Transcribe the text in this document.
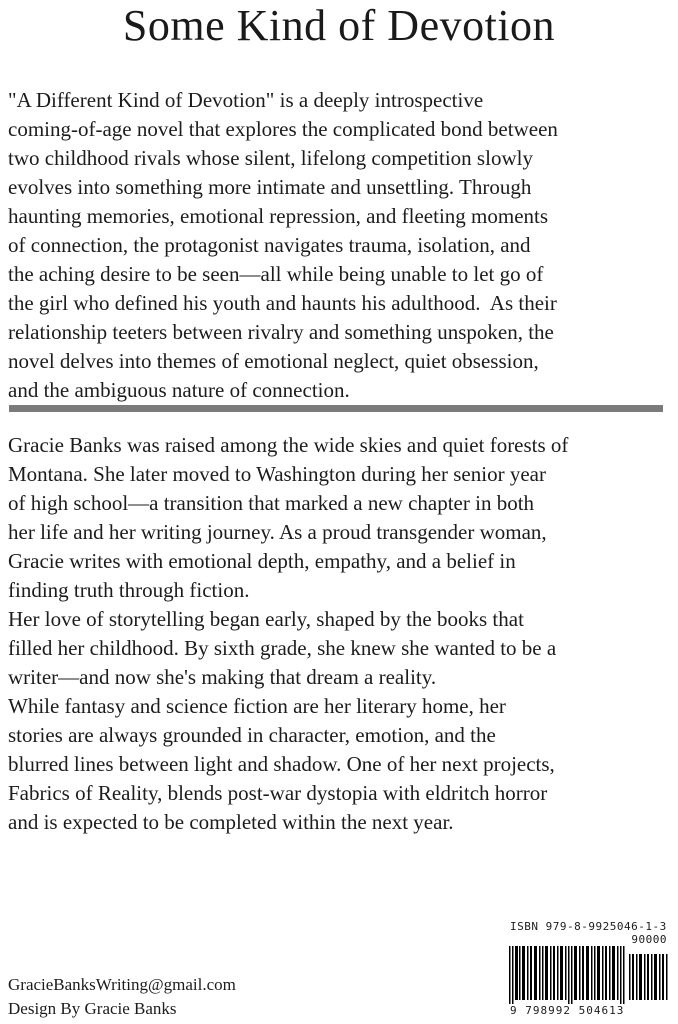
Some Kind of Devotion

"A Different Kind of Devotion" is a deeply introspective
coming-of-age novel that explores the complicated bond between
two childhood rivals whose silent, lifelong competition slowly
evolves into something more intimate and unsettling. Through
haunting memories, emotional repression, and fleeting moments
of connection, the protagonist navigates trauma, isolation, and
the aching desire to be seen—all while being unable to let go of
the girl who defined his youth and haunts his adulthood.  As their
relationship teeters between rivalry and something unspoken, the
novel delves into themes of emotional neglect, quiet obsession,
and the ambiguous nature of connection.

Gracie Banks was raised among the wide skies and quiet forests of
Montana. She later moved to Washington during her senior year
of high school—a transition that marked a new chapter in both
her life and her writing journey. As a proud transgender woman,
Gracie writes with emotional depth, empathy, and a belief in
finding truth through fiction.

Her love of storytelling began early, shaped by the books that
filled her childhood. By sixth grade, she knew she wanted to be a
writer—and now she's making that dream a reality.

While fantasy and science fiction are her literary home, her
stories are always grounded in character, emotion, and the
blurred lines between light and shadow. One of her next projects,
Fabrics of Reality, blends post-war dystopia with eldritch horror
and is expected to be completed within the next year.

GracieBanksWriting@gmail.com
Design By Gracie Banks
ISBN 979-8-9925046-1-3
90000
9 798992 504613
